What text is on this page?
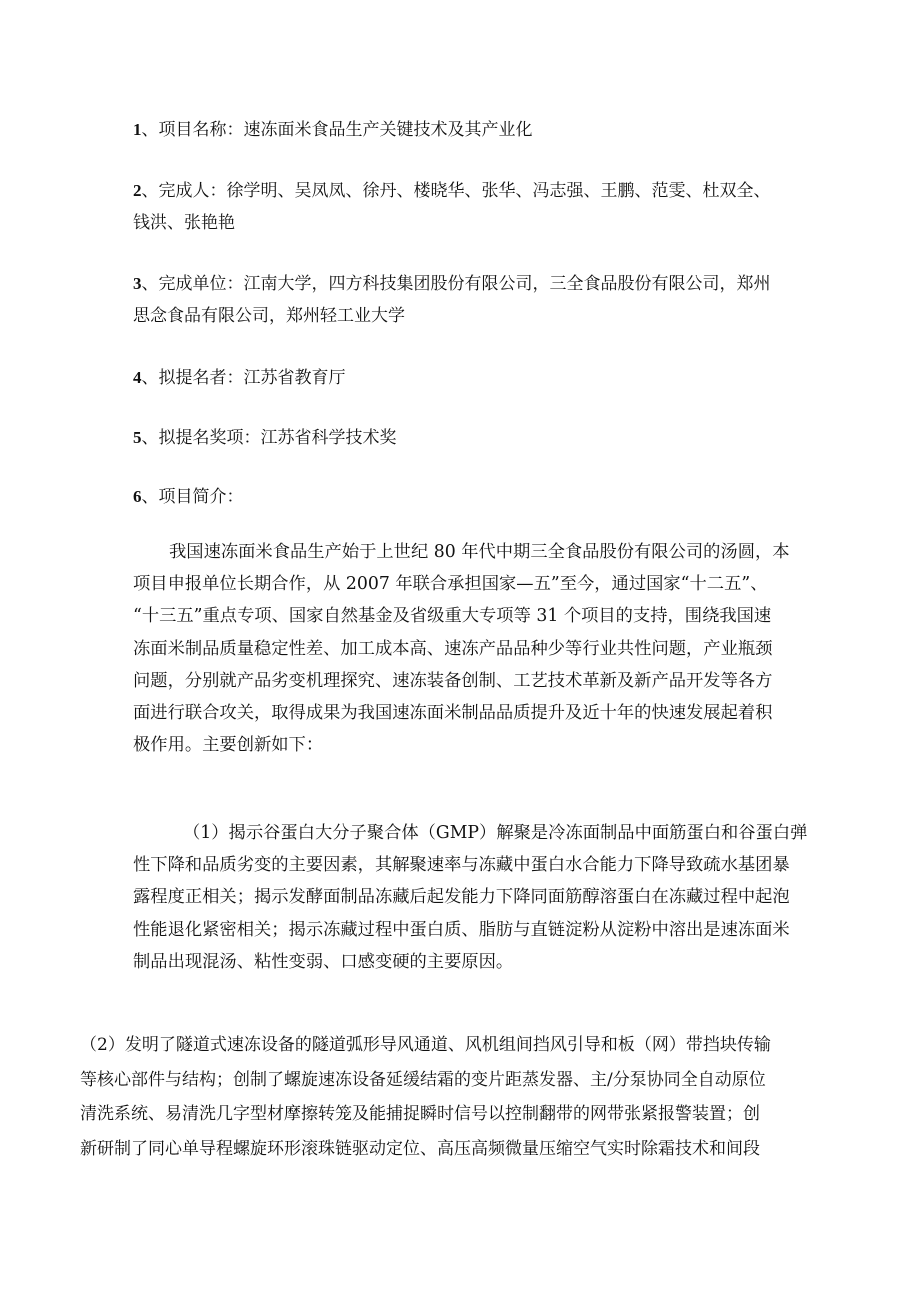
1、项目名称：速冻面米食品生产关键技术及其产业化

2、完成人：徐学明、吴凤凤、徐丹、楼晓华、张华、冯志强、王鹏、范雯、杜双全、
钱洪、张艳艳

3、完成单位：江南大学，四方科技集团股份有限公司，三全食品股份有限公司，郑州
思念食品有限公司，郑州轻工业大学

4、拟提名者：江苏省教育厅

5、拟提名奖项：江苏省科学技术奖

6、项目简介：

我国速冻面米食品生产始于上世纪 80 年代中期三全食品股份有限公司的汤圆，本
项目申报单位长期合作，从 2007 年联合承担国家—五”至今，通过国家“十二五”、
“十三五”重点专项、国家自然基金及省级重大专项等 31 个项目的支持，围绕我国速
冻面米制品质量稳定性差、加工成本高、速冻产品品种少等行业共性问题，产业瓶颈
问题，分别就产品劣变机理探究、速冻装备创制、工艺技术革新及新产品开发等各方
面进行联合攻关，取得成果为我国速冻面米制品品质提升及近十年的快速发展起着积
极作用。主要创新如下：
（1）揭示谷蛋白大分子聚合体（GMP）解聚是冷冻面制品中面筋蛋白和谷蛋白弹
性下降和品质劣变的主要因素，其解聚速率与冻藏中蛋白水合能力下降导致疏水基团暴
露程度正相关；揭示发酵面制品冻藏后起发能力下降同面筋醇溶蛋白在冻藏过程中起泡
性能退化紧密相关；揭示冻藏过程中蛋白质、脂肪与直链淀粉从淀粉中溶出是速冻面米
制品出现混汤、粘性变弱、口感变硬的主要原因。
（2）发明了隧道式速冻设备的隧道弧形导风通道、风机组间挡风引导和板（网）带挡块传输
等核心部件与结构；创制了螺旋速冻设备延缓结霜的变片距蒸发器、主/分泵协同全自动原位
清洗系统、易清洗几字型材摩擦转笼及能捕捉瞬时信号以控制翻带的网带张紧报警装置；创
新研制了同心单导程螺旋环形滚珠链驱动定位、高压高频微量压缩空气实时除霜技术和间段
